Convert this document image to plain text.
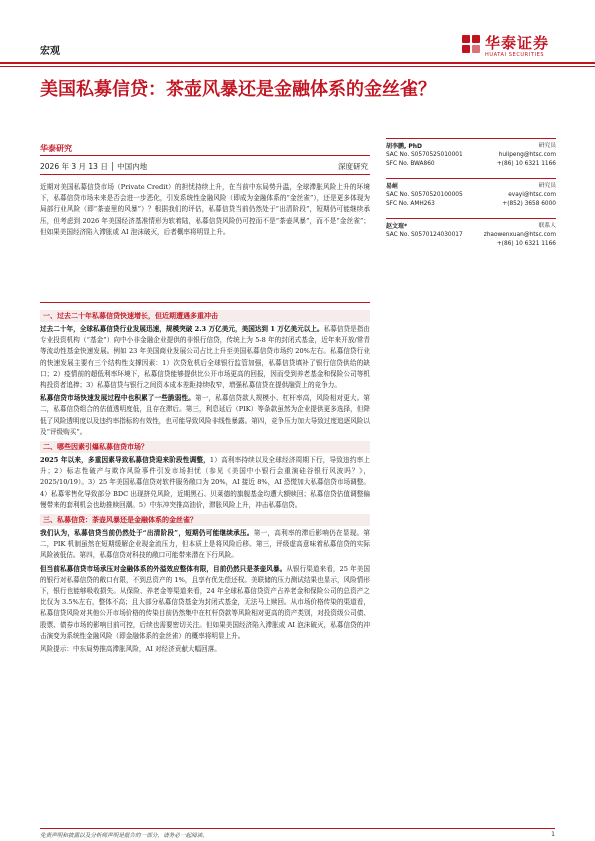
宏观	华泰证券
HUATAI SECURITIES
美国私募信贷：茶壶风暴还是金融体系的金丝雀？
华泰研究
2026 年 3 月 13 日 │ 中国内地	深度研究

近期对美国私募信贷市场（Private Credit）的担忧持续上升，在当前中东局势升温，全球滞胀风险上升的环境下，私募信贷市场未来是否会进一步恶化，引发系统性金融风险（即成为金融体系的“金丝雀”），还是更多体现为局部行业风险（即“茶壶里的风暴”）？根据我们的评估，私募信贷当前仍然处于“出清阶段”，短期仍可能继续承压，但考虑到 2026 年美国经济基准情形为软着陆，私募信贷风险仍可控而不是“茶壶风暴”，而不是“金丝雀”；但如果美国经济陷入滞胀或 AI 泡沫破灭，后者概率将明显上升。

一、过去二十年私募信贷快速增长，但近期遭遇多重冲击

过去二十年，全球私募信贷行业发展迅速，规模突破 2.3 万亿美元，美国达到 1 万亿美元以上。私募信贷是指由专业投资机构（“基金”）向中小非金融企业提供的非银行信贷，传统上为 5-8 年的封闭式基金，近年来开放/常青等流动性基金快速发展。例如 23 年美国商业发展公司占比上升至美国私募信贷市场约 20%左右。私募信贷行业的快速发展主要有三个结构性支撑因素：1）次贷危机后全球银行监管加强，私募信贷填补了银行信贷供给的缺口；2）疫情前的超低利率环境下，私募信贷能够提供比公开市场更高的回报，因而受到养老基金和保险公司等机构投资者追捧；3）私募信贷与银行之间资本成本差距持续收窄，增强私募信贷在提供融资上的竞争力。

私募信贷市场快速发展过程中也积累了一些脆弱性。第一，私募信贷款人规模小、杠杆率高，风险相对更大。第二，私募信贷组合的估值透明度低，且存在滞后。第三，利息延后（PIK）等条款虽然为企业提供更多选择，但降低了风险透明度以及违约率指标的有效性，也可能导致风险非线性暴露。第四，竞争压力加大导致过度追逐风险以及“评级购买”。

二、哪些因素引爆私募信贷市场？

2025 年以来，多重因素导致私募信贷迎来阶段性调整，1）高利率持续以及全球经济周期下行，导致违约率上升；2）标志性破产与欺诈风险事件引发市场担忧（参见《美国中小银行会重演硅谷银行风波吗？》，2025/10/19）。3）25 年美国私募信贷对软件服务敞口为 20%，AI 接近 8%，AI 恐慌加大私募信贷市场调整。4）私募零售化导致部分 BDC 出现挤兑风险，近期黑石、贝莱德的旗舰基金均遭大额赎回；私募信贷估值调整偏慢带来的套利机会也助推赎回潮。5）中东冲突推高油价，滞胀风险上升，冲击私募信贷。

三、私募信贷：茶壶风暴还是金融体系的金丝雀？

我们认为，私募信贷当前仍然处于“出清阶段”，短期仍可能继续承压。第一，高利率的滞后影响仍在显现。第二，PIK 机制虽然在短期缓解企业现金流压力，但本质上是将风险后移。第三，评级虚高意味着私募信贷的实际风险被低估。第四，私募信贷对科技的敞口可能带来潜在下行风险。

但当前私募信贷市场承压对金融体系的外溢效应整体有限，目前仍然只是茶壶风暴。从银行渠道来看，25 年美国的银行对私募信贷的敞口有限，不到总资产的 1%，且享有优先偿还权。美联储的压力测试结果也显示，风险情形下，银行也能够吸收损失。从保险、养老金等渠道来看，24 年全球私募信贷资产占养老金和保险公司的总资产之比仅为 3.5%左右，整体不高；且大部分私募信贷基金为封闭式基金，无法马上赎回。从市场价格传染的渠道看，私募信贷风险对其他公开市场价格的传染目前仍然集中在杠杆贷款等风险相对更高的资产类别，对投资级公司债、股票、债券市场的影响目前可控，后续也需要密切关注。但如果美国经济陷入滞胀或 AI 泡沫破灭，私募信贷的冲击演变为系统性金融风险（即金融体系的金丝雀）的概率将明显上升。

风险提示：中东局势推高滞胀风险，AI 对经济贡献大幅回落。

胡李鹏, PhD	研究员
SAC No. S0570525010001	hulipeng@htsc.com
SFC No. BWA860	+(86) 10 6321 1166
易峘	研究员
SAC No. S0570520100005	evayi@htsc.com
SFC No. AMH263	+(852) 3658 6000
赵文瑄*	联系人
SAC No. S0570124030017	zhaowenxuan@htsc.com
+(86) 10 6321 1166
免责声明和披露以及分析师声明是报告的一部分，请务必一起阅读。	1
